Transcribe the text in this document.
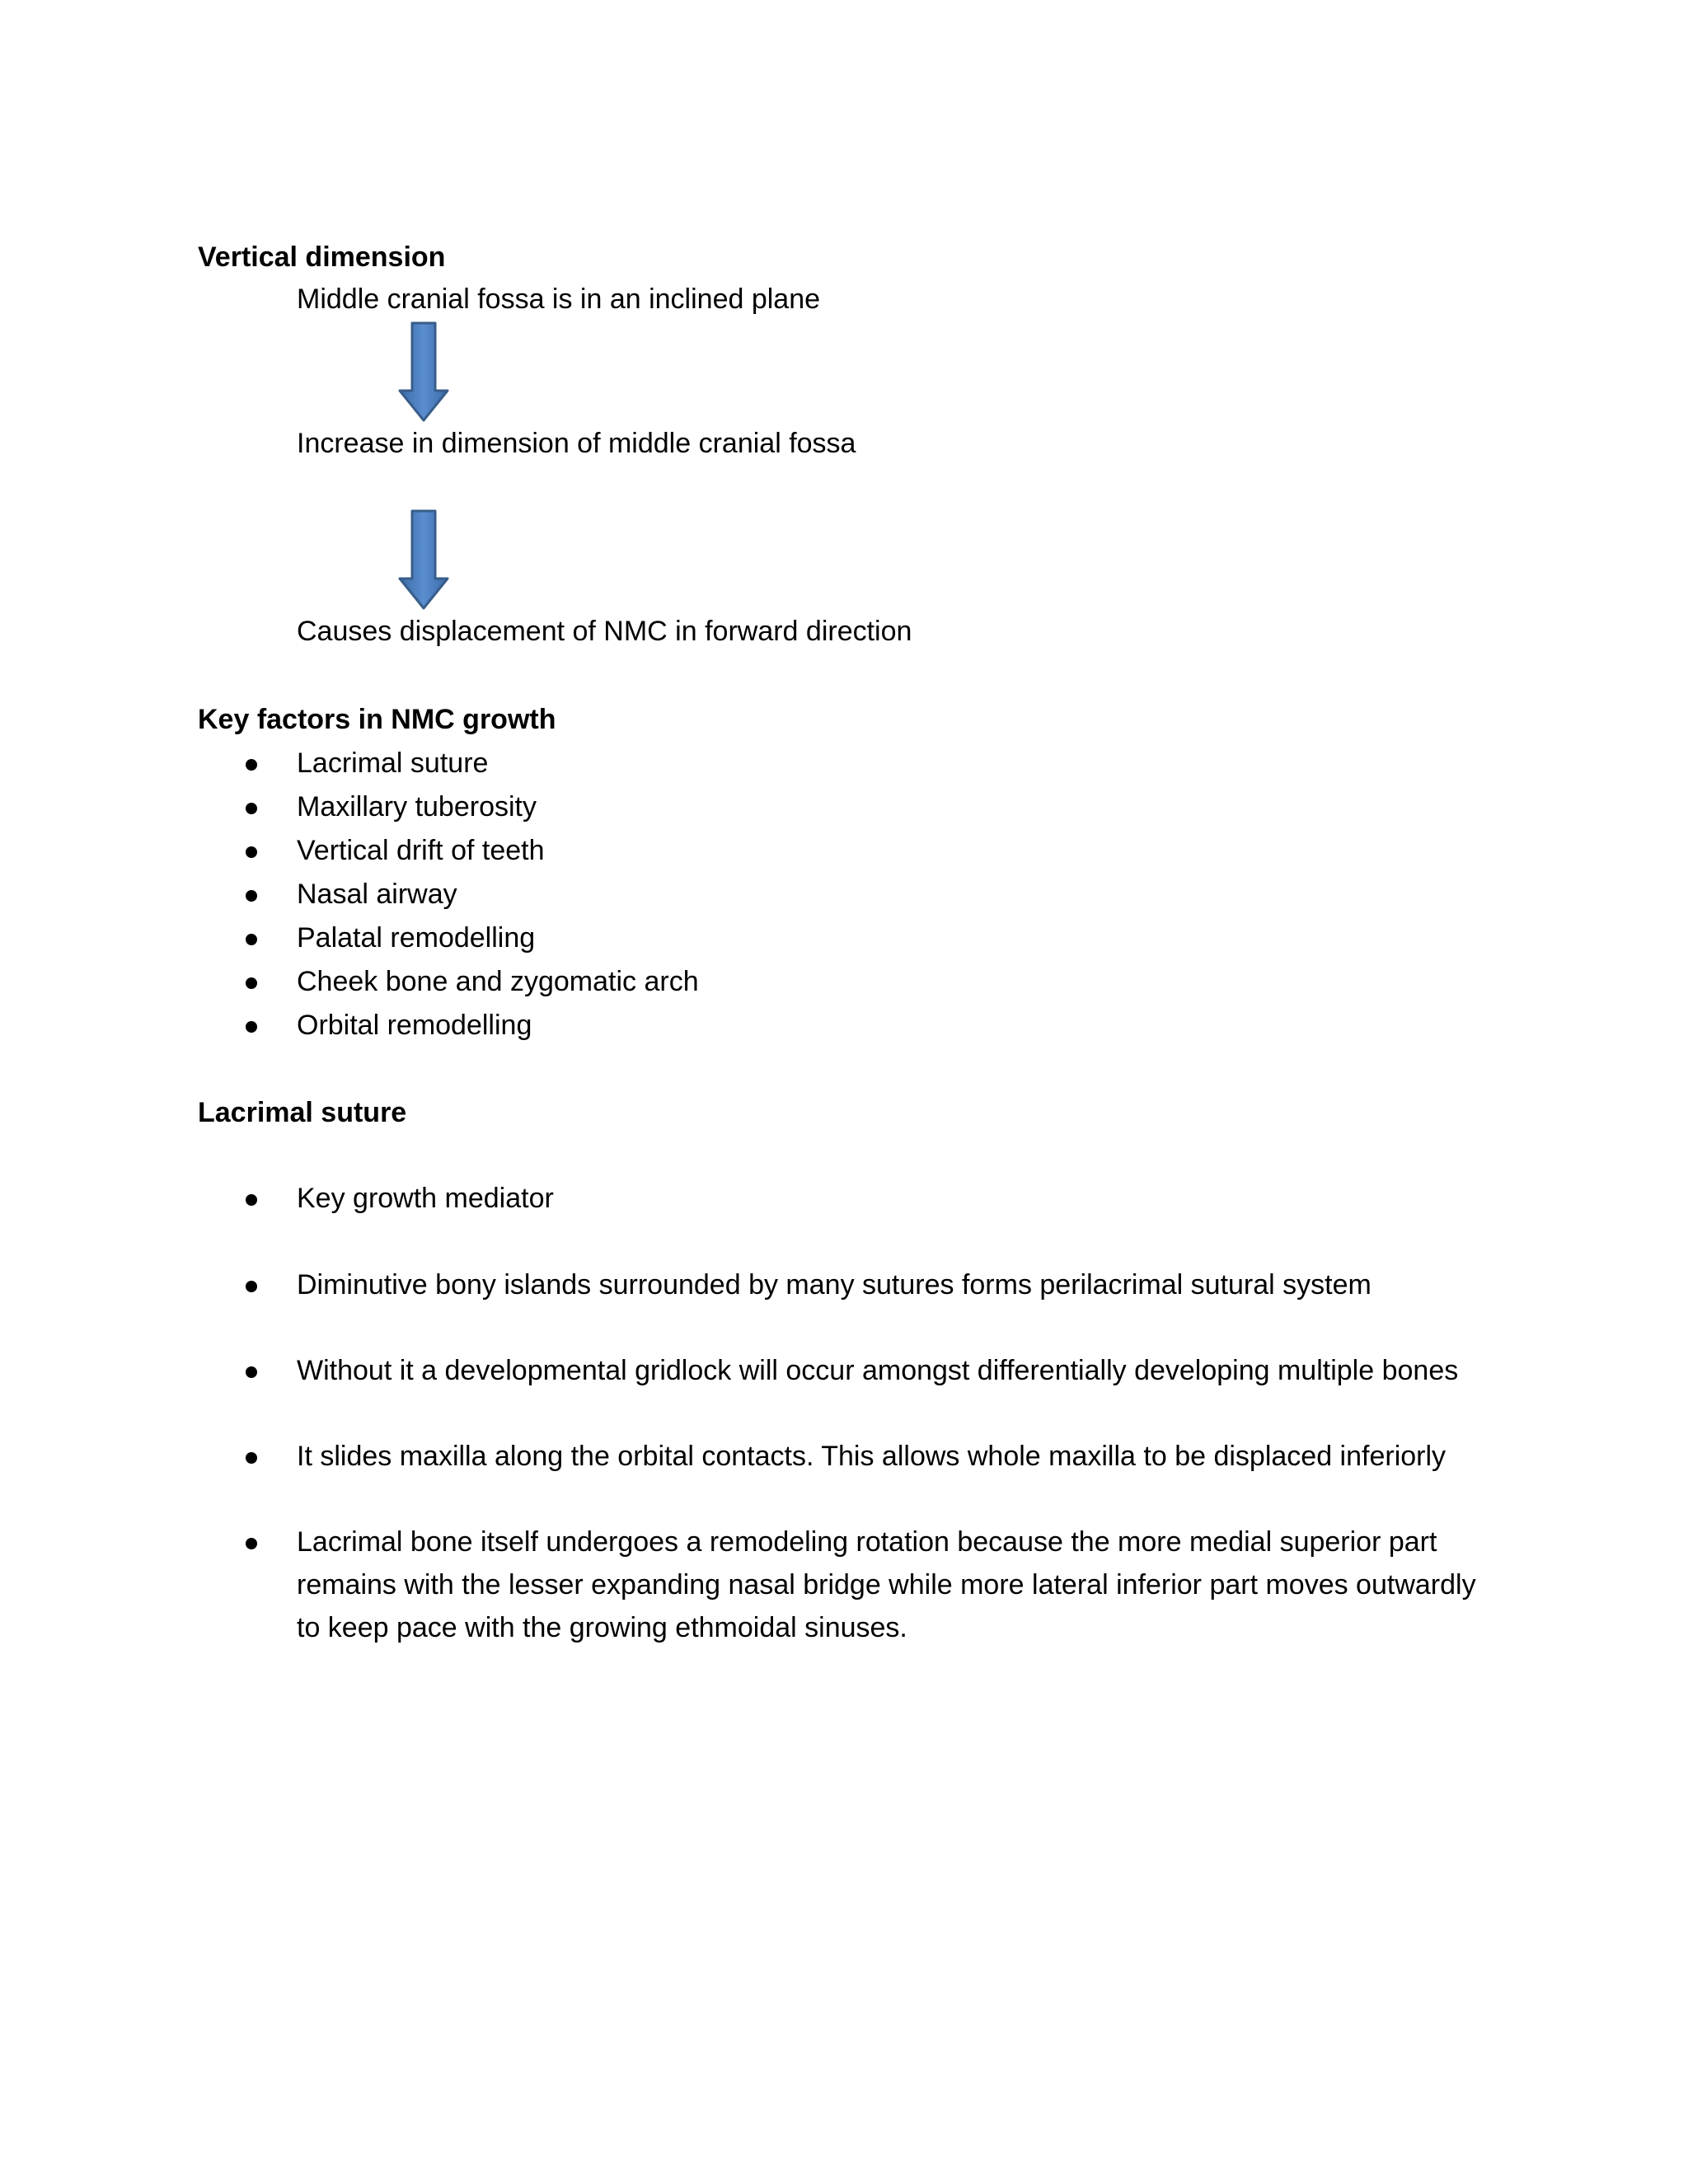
Vertical dimension
Middle cranial fossa is in an inclined plane
Increase in dimension of middle cranial fossa
Causes displacement of NMC in forward direction
Key factors in NMC growth
Lacrimal suture
Maxillary tuberosity
Vertical drift of teeth
Nasal airway
Palatal remodelling
Cheek bone and zygomatic arch
Orbital remodelling
Lacrimal suture
Key growth mediator
Diminutive bony islands surrounded by many sutures forms perilacrimal sutural system
Without it a developmental gridlock will occur amongst differentially developing multiple bones
It slides maxilla along the orbital contacts. This allows whole maxilla to be displaced inferiorly
Lacrimal bone itself undergoes a remodeling rotation because the more medial superior part remains with the lesser expanding nasal bridge while more lateral inferior part moves outwardly to keep pace with the growing ethmoidal sinuses.
